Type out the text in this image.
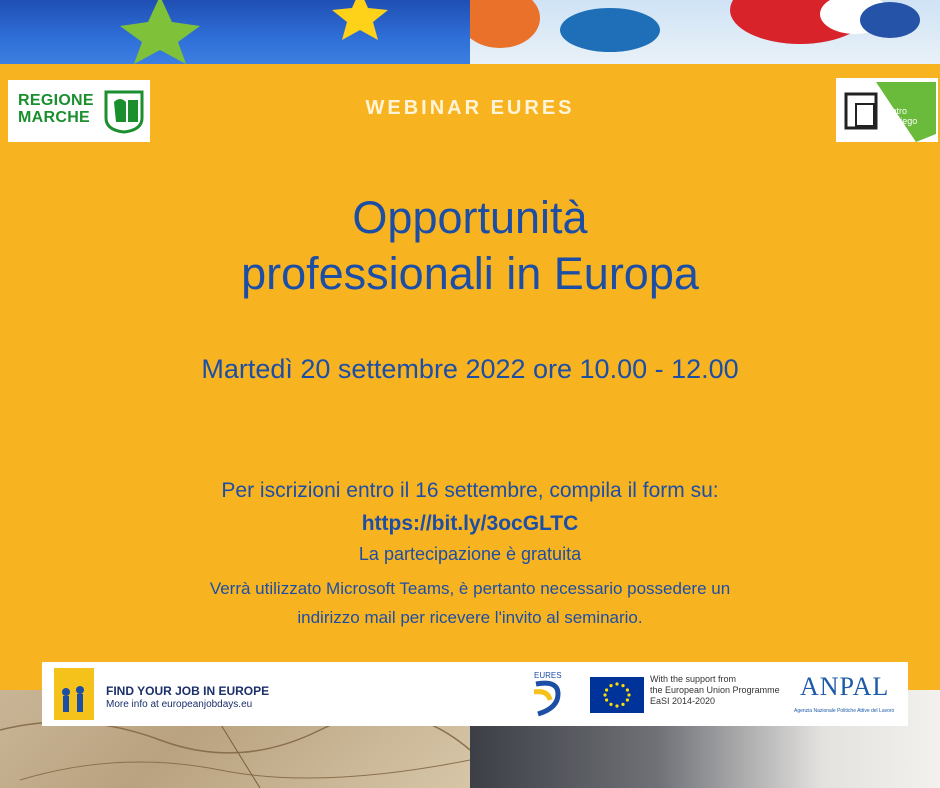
REGIONE
MARCHE	centro
l'impiego
WEBINAR EURES
Opportunità
professionali in Europa
Martedì 20 settembre 2022 ore 10.00 - 12.00
Per iscrizioni entro il 16 settembre, compila il form su: https://bit.ly/3ocGLTC
La partecipazione è gratuita
Verrà utilizzato Microsoft Teams, è pertanto necessario possedere un indirizzo mail per ricevere l'invito al seminario.
FIND YOUR JOB IN EUROPE
More info at europeanjobdays.eu
EURES	With the support from
the European Union Programme
EaSI 2014-2020	ANPAL
Agenzia Nazionale Politiche Attive del Lavoro
